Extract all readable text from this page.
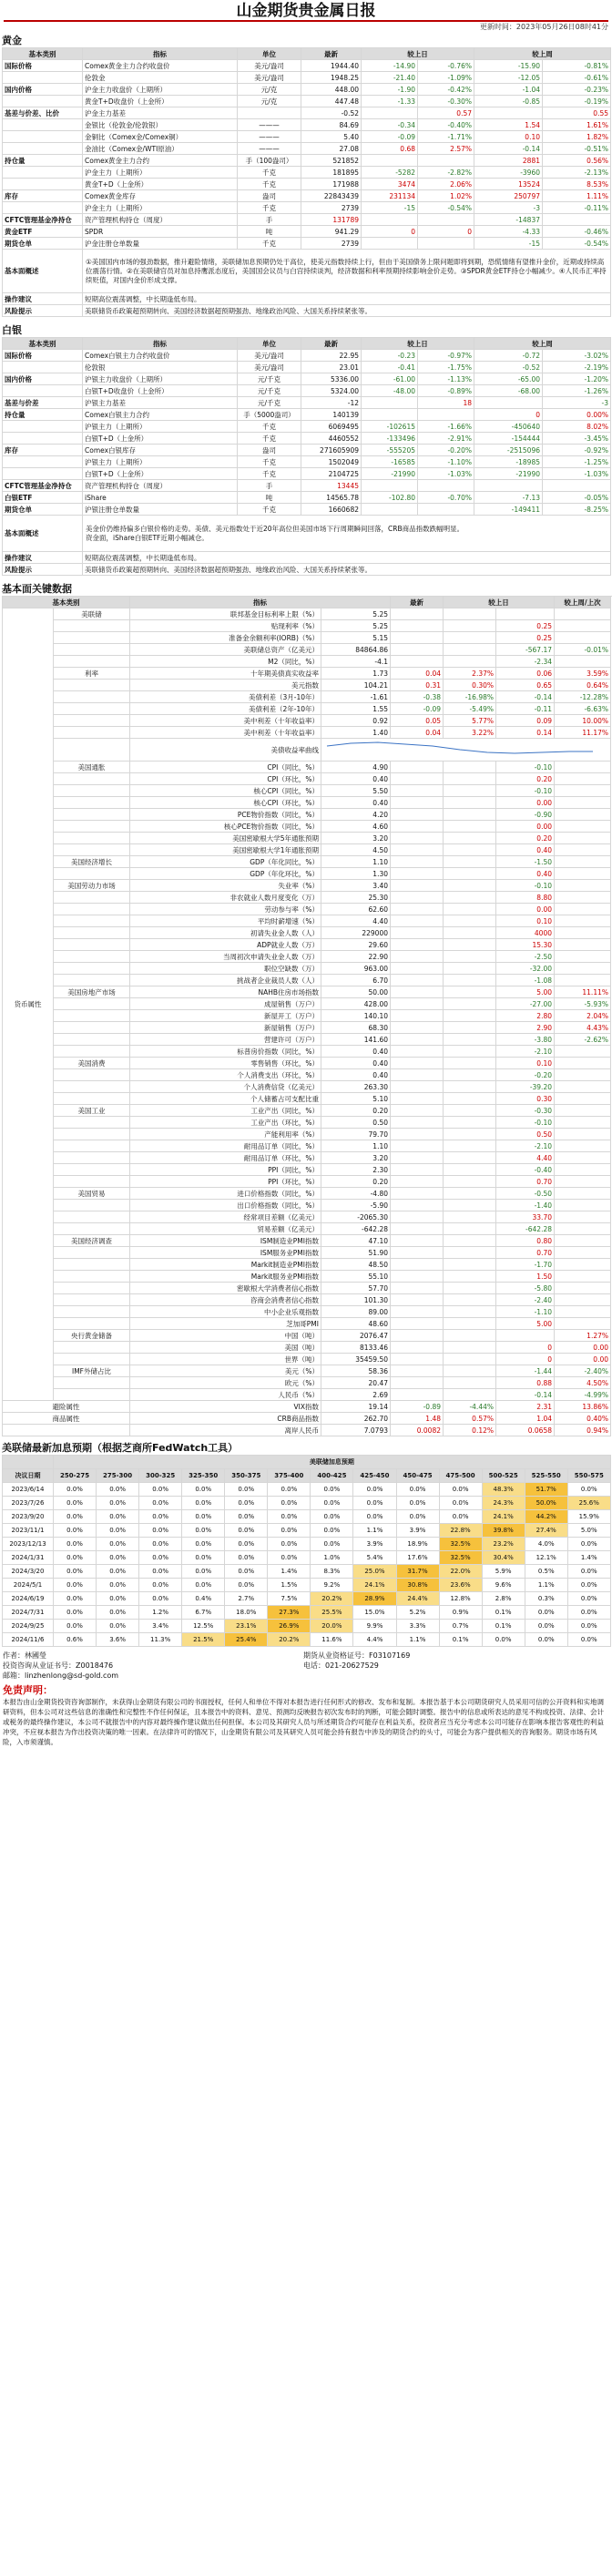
山金期货贵金属日报
更新时间：2023年05月26日08时41分
黄金
基本类别	指标	单位	最新	较上日		较上周	
国际价格	Comex黄金主力合约收盘价	美元/盎司	1944.40	-14.90	-0.76%	-15.90	-0.81%
	伦敦金	美元/盎司	1948.25	-21.40	-1.09%	-12.05	-0.61%
国内价格	沪金主力收盘价（上期所）	元/克	448.00	-1.90	-0.42%	-1.04	-0.23%
	黄金T+D收盘价（上金所）	元/克	447.48	-1.33	-0.30%	-0.85	-0.19%
基差与价差、比价	沪金主力基差		-0.52		0.57		0.55
	金银比（伦敦金/伦敦银）	———	84.69	-0.34	-0.40%	1.54	1.61%
	金铜比（Comex金/Comex铜）	———	5.40	-0.09	-1.71%	0.10	1.82%
	金油比（Comex金/WTI原油）	———	27.08	0.68	2.57%	-0.14	-0.51%
持仓量	Comex黄金主力合约	手（100盎司）	521852			2881	0.56%
	沪金主力（上期所）	千克	181895	-5282	-2.82%	-3960	-2.13%
	黄金T+D（上金所）	千克	171988	3474	2.06%	13524	8.53%
库存	Comex黄金库存	盎司	22843439	231134	1.02%	250797	1.11%
	沪金主力（上期所）	千克	2739	-15	-0.54%	-3	-0.11%
CFTC管理基金净持仓	资产管理机构持仓（周度）	手	131789			-14837	
黄金ETF	SPDR	吨	941.29	0	0	-4.33	-0.46%
期货仓单	沪金注册仓单数量	千克	2739			-15	-0.54%
基本面概述	①美国国内市场的强劲数据，推升避险情绪，美联储加息预期仍处于高位，使美元指数持续上行，但由于美国债务上限问题即将到期，恐慌情绪有望推升金价，近期或持续高位震荡行情。②在美联储官员对加息持鹰派态度后，美国国会议员与白宫持续谈判，经济数据和利率预期持续影响金价走势。③SPDR黄金ETF持仓小幅减少。④人民币汇率持续贬值，对国内金价形成支撑。						
操作建议	短期高位震荡调整，中长期逢低布局。						
风险提示	美联储货币政策超预期转向、美国经济数据超预期强劲、地缘政治风险、大国关系持续紧张等。						
白银
基本类别	指标	单位	最新	较上日		较上周	
国际价格	Comex白银主力合约收盘价	美元/盎司	22.95	-0.23	-0.97%	-0.72	-3.02%
	伦敦银	美元/盎司	23.01	-0.41	-1.75%	-0.52	-2.19%
国内价格	沪银主力收盘价（上期所）	元/千克	5336.00	-61.00	-1.13%	-65.00	-1.20%
	白银T+D收盘价（上金所）	元/千克	5324.00	-48.00	-0.89%	-68.00	-1.26%
基差与价差	沪银主力基差	元/千克	-12		18		-3
持仓量	Comex白银主力合约	手（5000盎司）	140139			0	0.00%
	沪银主力（上期所）	千克	6069495	-102615	-1.66%	-450640	8.02%
	白银T+D（上金所）	千克	4460552	-133496	-2.91%	-154444	-3.45%
库存	Comex白银库存	盎司	271605909	-555205	-0.20%	-2515096	-0.92%
	沪银主力（上期所）	千克	1502049	-16585	-1.10%	-18985	-1.25%
	白银T+D（上金所）	千克	2104725	-21990	-1.03%	-21990	-1.03%
CFTC管理基金净持仓	资产管理机构持仓（周度）	手	13445				
白银ETF	iShare	吨	14565.78	-102.80	-0.70%	-7.13	-0.05%
期货仓单	沪银注册仓单数量	千克	1660682			-149411	-8.25%
基本面概述	美金价仍维持偏多白银价格的走势。美债、美元指数处于近20年高位但美国市场下行周期瞬间回落，CRB商品指数跌幅明显。
资金面，iShare白银ETF近期小幅减仓。						
操作建议	短期高位震荡调整，中长期逢低布局。						
风险提示	美联储货币政策超预期转向、美国经济数据超预期强劲、地缘政治风险、大国关系持续紧张等。						
基本面关键数据
基本类别		指标		最新	较上日		较上周/上次
货币属性	美联储	联邦基金目标利率上限（%）	5.25				
		贴现利率（%）	5.25			0.25	
		准备金余额利率(IORB)（%）	5.15			0.25	
		美联储总资产（亿美元）	84864.86			-567.17	-0.01%
		M2（同比，%）	-4.1			-2.34	
	利率	十年期美债真实收益率	1.73	0.04	2.37%	0.06	3.59%
		美元指数	104.21	0.31	0.30%	0.65	0.64%
		美债利差（3月-10年）	-1.61	-0.38	-16.98%	-0.14	-12.28%
		美债利差（2年-10年）	1.55	-0.09	-5.49%	-0.11	-6.63%
		美中利差（十年收益率）	0.92	0.05	5.77%	0.09	10.00%
		美中利差（十年收益率）	1.40	0.04	3.22%	0.14	11.17%
		美债收益率曲线	
	美国通胀	CPI（同比，%）	4.90			-0.10	
		CPI（环比，%）	0.40			0.20	
		核心CPI（同比，%）	5.50			-0.10	
		核心CPI（环比，%）	0.40			0.00	
		PCE物价指数（同比，%）	4.20			-0.90	
		核心PCE物价指数（同比，%）	4.60			0.00	
		美国密歇根大学5年通胀预期	3.20			0.20	
		美国密歇根大学1年通胀预期	4.50			0.40	
	美国经济增长	GDP（年化同比，%）	1.10			-1.50	
		GDP（年化环比，%）	1.30			0.40	
	美国劳动力市场	失业率（%）	3.40			-0.10	
		非农就业人数月度变化（万）	25.30			8.80	
		劳动参与率（%）	62.60			0.00	
		平均时薪增速（%）	4.40			0.10	
		初请失业金人数（人）	229000			4000	
		ADP就业人数（万）	29.60			15.30	
		当周初次申请失业金人数（万）	22.90			-2.50	
		职位空缺数（万）	963.00			-32.00	
		挑战者企业裁员人数（人）	6.70			-1.08	
	美国房地产市场	NAHB住房市场指数	50.00			5.00	11.11%
		成屋销售（万户）	428.00			-27.00	-5.93%
		新屋开工（万户）	140.10			2.80	2.04%
		新屋销售（万户）	68.30			2.90	4.43%
		营建许可（万户）	141.60			-3.80	-2.62%
		标普房价指数（同比，%）	0.40			-2.10	
	美国消费	零售销售（环比，%）	0.40			0.10	
		个人消费支出（环比，%）	0.40			-0.20	
		个人消费信贷（亿美元）	263.30			-39.20	
		个人储蓄占可支配比重	5.10			0.30	
	美国工业	工业产出（同比，%）	0.20			-0.30	
		工业产出（环比，%）	0.50			-0.10	
		产能利用率（%）	79.70			0.50	
		耐用品订单（同比，%）	1.10			-2.10	
		耐用品订单（环比，%）	3.20			4.40	
		PPI（同比，%）	2.30			-0.40	
		PPI（环比，%）	0.20			0.70	
	美国贸易	进口价格指数（同比，%）	-4.80			-0.50	
		出口价格指数（同比，%）	-5.90			-1.40	
		经常项目差额（亿美元）	-2065.30			33.70	
		贸易差额（亿美元）	-642.28			-642.28	
	美国经济调查	ISM制造业PMI指数	47.10			0.80	
		ISM服务业PMI指数	51.90			0.70	
		Markit制造业PMI指数	48.50			-1.70	
		Markit服务业PMI指数	55.10			1.50	
		密歇根大学消费者信心指数	57.70			-5.80	
		咨商会消费者信心指数	101.30			-2.40	
		中小企业乐观指数	89.00			-1.10	
		芝加哥PMI	48.60			5.00	
	央行黄金储备	中国（吨）	2076.47				1.27%
		美国（吨）	8133.46			0	0.00
		世界（吨）	35459.50			0	0.00
	IMF外储占比	美元（%）	58.36			-1.44	-2.40%
		欧元（%）	20.47			0.88	4.50%
		人民币（%）	2.69			-0.14	-4.99%
避险属性		VIX指数	19.14	-0.89	-4.44%	2.31	13.86%
商品属性		CRB商品指数	262.70	1.48	0.57%	1.04	0.40%
		离岸人民币	7.0793	0.0082	0.12%	0.0658	0.94%
美联储最新加息预期（根据芝商所FedWatch工具）
	美联储加息预期												
决议日期	250-275	275-300	300-325	325-350	350-375	375-400	400-425	425-450	450-475	475-500	500-525	525-550	550-575
2023/6/14	0.0%	0.0%	0.0%	0.0%	0.0%	0.0%	0.0%	0.0%	0.0%	0.0%	48.3%	51.7%	0.0%
2023/7/26	0.0%	0.0%	0.0%	0.0%	0.0%	0.0%	0.0%	0.0%	0.0%	0.0%	24.3%	50.0%	25.6%
2023/9/20	0.0%	0.0%	0.0%	0.0%	0.0%	0.0%	0.0%	0.0%	0.0%	0.0%	24.1%	44.2%	15.9%
2023/11/1	0.0%	0.0%	0.0%	0.0%	0.0%	0.0%	0.0%	1.1%	3.9%	22.8%	39.8%	27.4%	5.0%
2023/12/13	0.0%	0.0%	0.0%	0.0%	0.0%	0.0%	0.0%	3.9%	18.9%	32.5%	23.2%	4.0%	0.0%
2024/1/31	0.0%	0.0%	0.0%	0.0%	0.0%	0.0%	1.0%	5.4%	17.6%	32.5%	30.4%	12.1%	1.4%
2024/3/20	0.0%	0.0%	0.0%	0.0%	0.0%	1.4%	8.3%	25.0%	31.7%	22.0%	5.9%	0.5%	0.0%
2024/5/1	0.0%	0.0%	0.0%	0.0%	0.0%	1.5%	9.2%	24.1%	30.8%	23.6%	9.6%	1.1%	0.0%
2024/6/19	0.0%	0.0%	0.0%	0.4%	2.7%	7.5%	20.2%	28.9%	24.4%	12.8%	2.8%	0.3%	0.0%
2024/7/31	0.0%	0.0%	1.2%	6.7%	18.0%	27.3%	25.5%	15.0%	5.2%	0.9%	0.1%	0.0%	0.0%
2024/9/25	0.0%	0.0%	3.4%	12.5%	23.1%	26.9%	20.0%	9.9%	3.3%	0.7%	0.1%	0.0%	0.0%
2024/11/6	0.6%	3.6%	11.3%	21.5%	25.4%	20.2%	11.6%	4.4%	1.1%	0.1%	0.0%	0.0%	0.0%
作者：林國瑩
投资咨询从业证书号：Z0018476
邮箱：linzhenlong@sd-gold.com
期货从业资格证号：F03107169
电话：021-20627529
免责声明：
本报告由山金期货投资咨询部制作，未获得山金期货有限公司的书面授权，任何人和单位不得对本报告进行任何形式的修改、发布和复制。本报告基于本公司期货研究人员采用可信的公开资料和实地调研资料，但本公司对这些信息的准确性和完整性不作任何保证，且本报告中的资料、意见、预测均反映报告初次发布时的判断，可能会随时调整。报告中的信息或所表达的意见不构成投资、法律、会计或税务的最终操作建议，本公司不就报告中的内容对最终操作建议做出任何担保。本公司及其研究人员与所述期货合约可能存在利益关系，投资者应当充分考虑本公司可能存在影响本报告客观性的利益冲突，不应视本报告为作出投资决策的唯一因素。在法律许可的情况下，山金期货有限公司及其研究人员可能会持有报告中涉及的期货合约的头寸，可能会为客户提供相关的咨询服务。期货市场有风险，入市须谨慎。
